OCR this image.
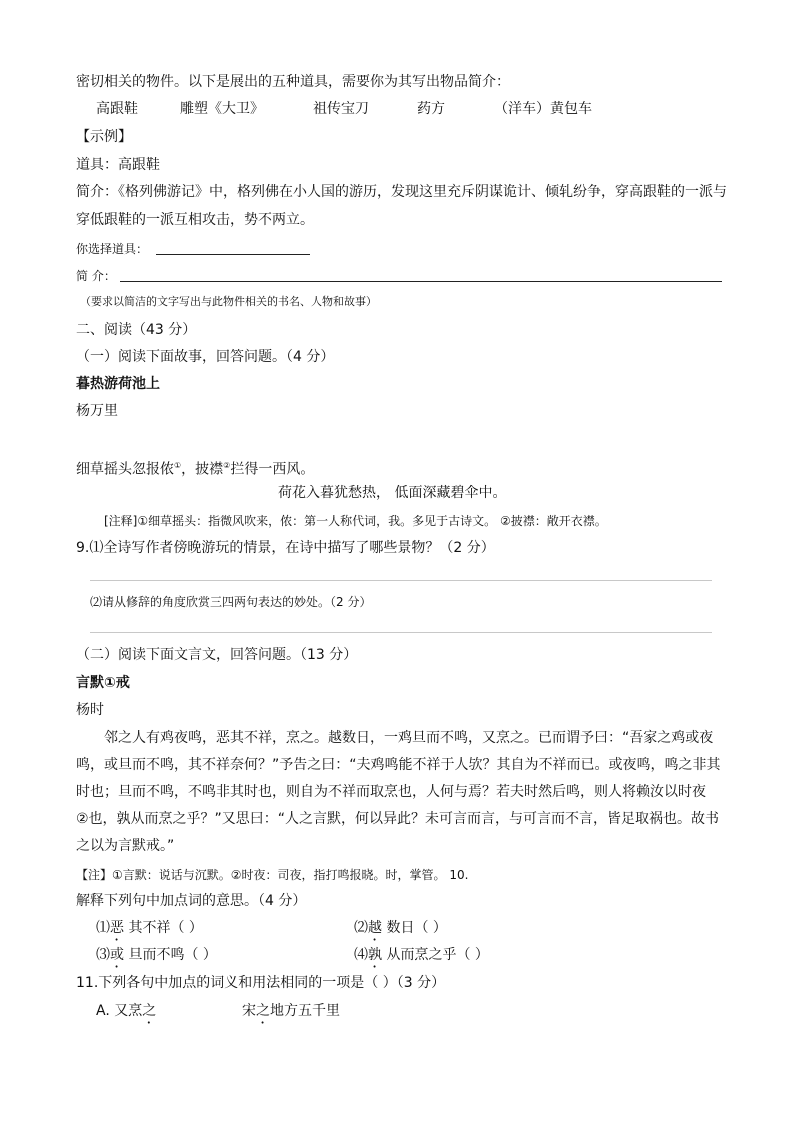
密切相关的物件。以下是展出的五种道具，需要你为其写出物品简介：
高跟鞋	雕塑《大卫》	祖传宝刀	药方	（洋车）黄包车
【示例】
道具：高跟鞋
简介：《格列佛游记》中，格列佛在小人国的游历，发现这里充斥阴谋诡计、倾轧纷争，穿高跟鞋的一派与
穿低跟鞋的一派互相攻击，势不两立。
你选择道具：
简 介：
（要求以简洁的文字写出与此物件相关的书名、人物和故事）
二、阅读（43 分）
（一）阅读下面故事，回答问题。（4 分）
暮热游荷池上
杨万里
细草摇头忽报侬①，披襟②拦得一西风。
荷花入暮犹愁热， 低面深藏碧伞中。
[注释]①细草摇头：指微风吹来，侬：第一人称代词，我。多见于古诗文。 ②披襟：敞开衣襟。
9.⑴全诗写作者傍晚游玩的情景，在诗中描写了哪些景物？（2 分）
⑵请从修辞的角度欣赏三四两句表达的妙处。（2 分）
（二）阅读下面文言文，回答问题。（13 分）
言默①戒
杨时
邻之人有鸡夜鸣，恶其不祥，烹之。越数日，一鸡旦而不鸣，又烹之。已而谓予曰：“吾家之鸡或夜
鸣，或旦而不鸣，其不祥奈何？”予告之曰：“夫鸡鸣能不祥于人欤？其自为不祥而已。或夜鸣，鸣之非其
时也；旦而不鸣，不鸣非其时也，则自为不祥而取烹也，人何与焉？若夫时然后鸣，则人将赖汝以时夜
②也，孰从而烹之乎？”又思曰：“人之言默，何以异此？未可言而言，与可言而不言，皆足取祸也。故书
之以为言默戒。”
【注】①言默：说话与沉默。②时夜：司夜，指打鸣报晓。时，掌管。 10.
解释下列句中加点词的意思。（4 分）
⑴恶 其不祥（ ）	⑵越 数日（ ）
⑶或 旦而不鸣（ ）	⑷孰 从而烹之乎（ ）
11.下列各句中加点的词义和用法相同的一项是（ ）（3 分）
A. 又烹之	宋之地方五千里
